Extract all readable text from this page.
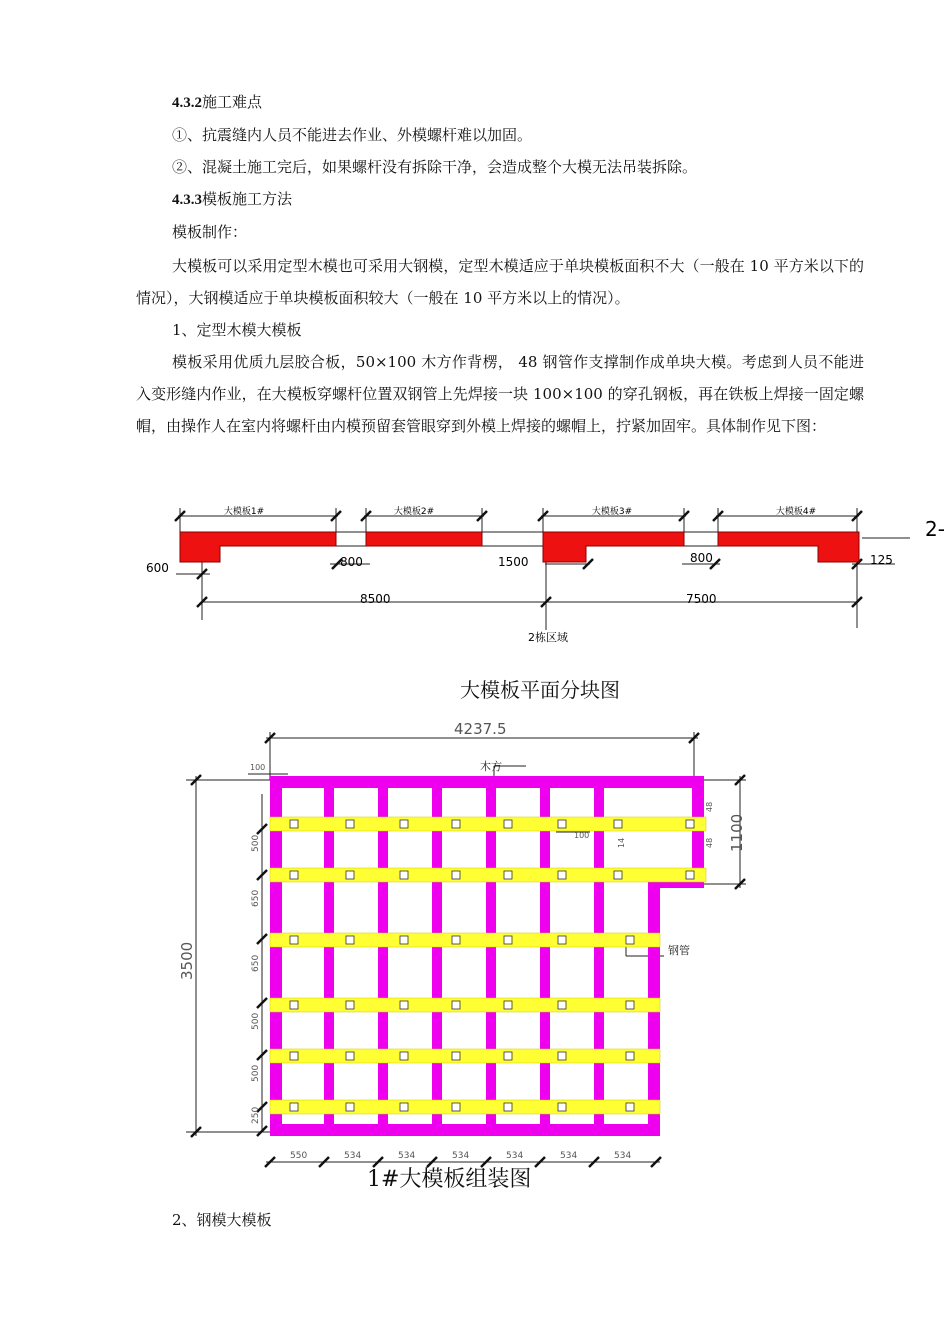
4.3.2施工难点
①、抗震缝内人员不能进去作业、外模螺杆难以加固。
②、混凝土施工完后，如果螺杆没有拆除干净，会造成整个大模无法吊装拆除。
4.3.3模板施工方法
模板制作：
大模板可以采用定型木模也可采用大钢模，定型木模适应于单块模板面积不大（一般在 10 平方米以下的情况），大钢模适应于单块模板面积较大（一般在 10 平方米以上的情况）。
1、定型木模大模板
模板采用优质九层胶合板，50×100 木方作背楞， 48 钢管作支撑制作成单块大模。考虑到人员不能进入变形缝内作业，在大模板穿螺杆位置双钢管上先焊接一块 100×100 的穿孔钢板，再在铁板上焊接一固定螺帽，由操作人在室内将螺杆由内模预留套管眼穿到外模上焊接的螺帽上，拧紧加固牢。具体制作见下图：
大模板1#	大模板2#	大模板3#	大模板4#
600	800	1500	800	125
8500	7500
2栋区域
2-
大模板平面分块图
4237.5
100
3500
1100
48
48
100
14
木方
钢管
500
650
650
500
500
250
550	534	534	534	534	534	534
1#大模板组装图
2、钢模大模板
